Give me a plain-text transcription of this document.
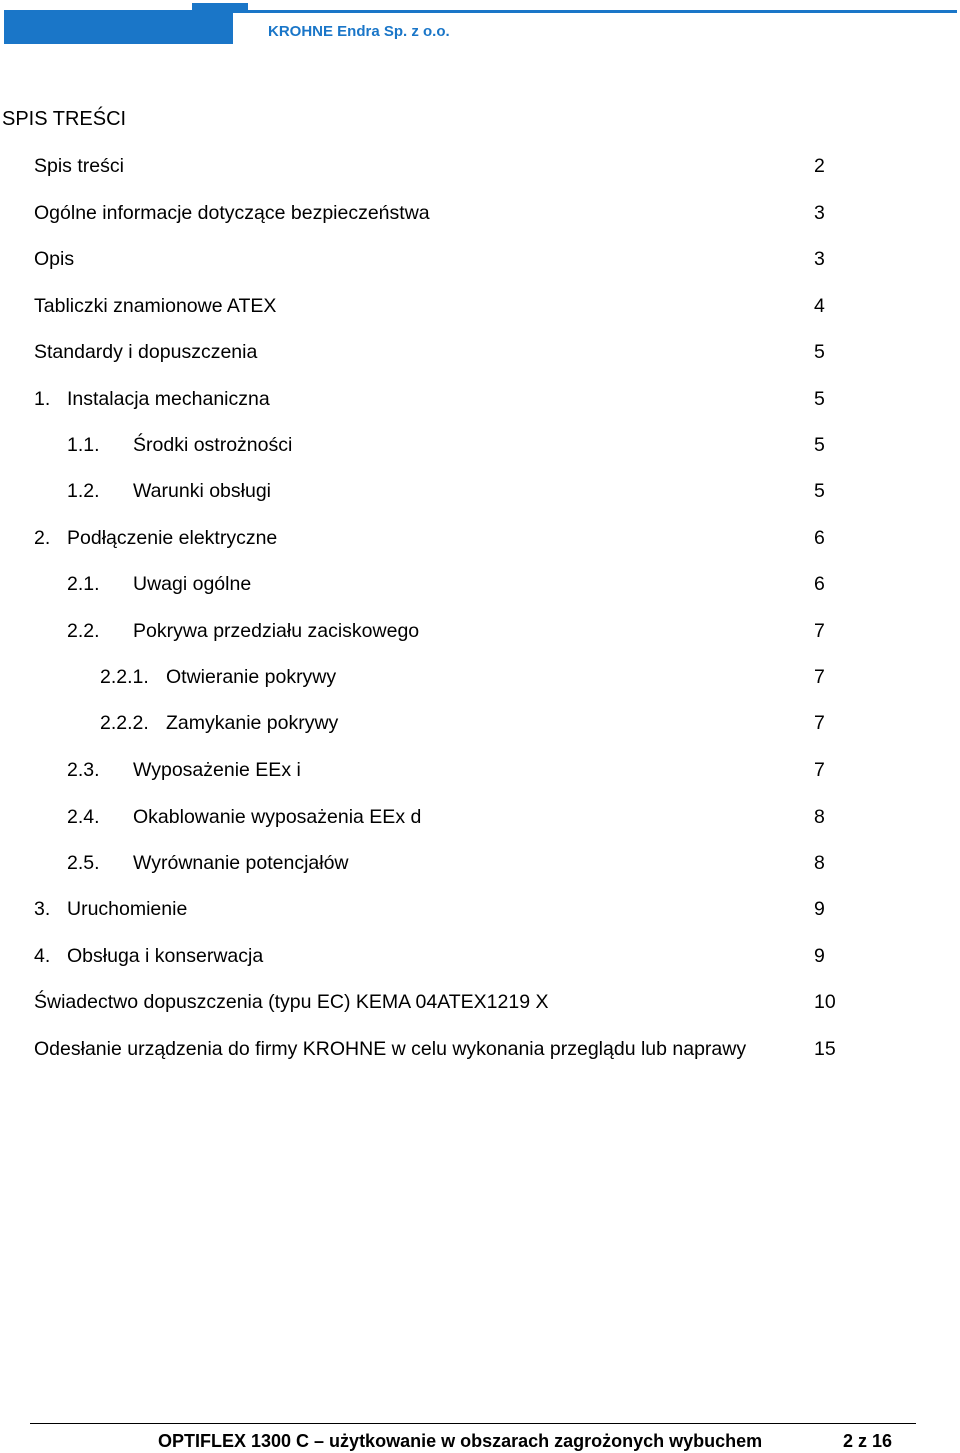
KROHNE Endra Sp. z o.o.
SPIS TREŚCI
Spis treści	2
Ogólne informacje dotyczące bezpieczeństwa	3
Opis	3
Tabliczki znamionowe ATEX	4
Standardy i dopuszczenia	5
1. Instalacja mechaniczna	5
1.1. Środki ostrożności	5
1.2. Warunki obsługi	5
2. Podłączenie elektryczne	6
2.1. Uwagi ogólne	6
2.2. Pokrywa przedziału zaciskowego	7
2.2.1. Otwieranie pokrywy	7
2.2.2. Zamykanie pokrywy	7
2.3. Wyposażenie EEx i	7
2.4. Okablowanie wyposażenia EEx d	8
2.5. Wyrównanie potencjałów	8
3. Uruchomienie	9
4. Obsługa i konserwacja	9
Świadectwo dopuszczenia (typu EC) KEMA 04ATEX1219 X	10
Odesłanie urządzenia do firmy KROHNE w celu wykonania przeglądu lub naprawy	15
OPTIFLEX 1300 C – użytkowanie w obszarach zagrożonych wybuchem	2 z 16
